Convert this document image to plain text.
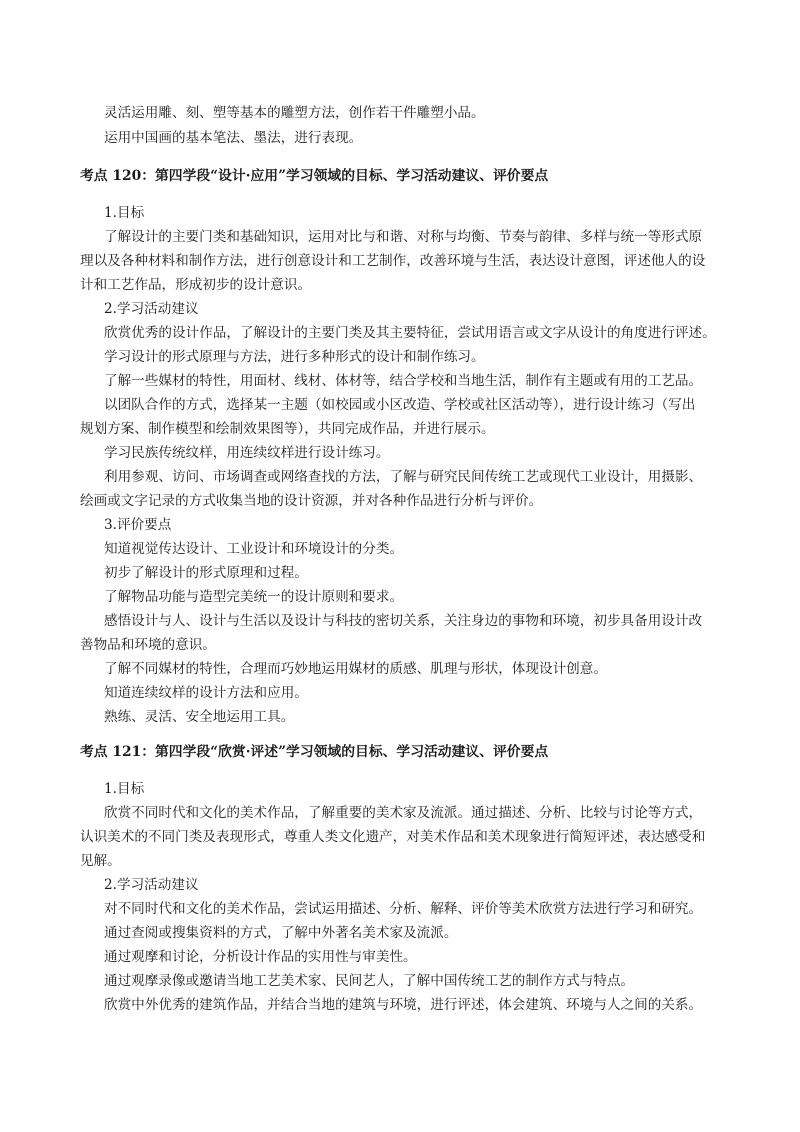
灵活运用雕、刻、塑等基本的雕塑方法，创作若干件雕塑小品。
运用中国画的基本笔法、墨法，进行表现。
考点 120：第四学段“设计·应用”学习领域的目标、学习活动建议、评价要点
1.目标
了解设计的主要门类和基础知识，运用对比与和谐、对称与均衡、节奏与韵律、多样与统一等形式原
理以及各种材料和制作方法，进行创意设计和工艺制作，改善环境与生活，表达设计意图，评述他人的设
计和工艺作品，形成初步的设计意识。
2.学习活动建议
欣赏优秀的设计作品，了解设计的主要门类及其主要特征，尝试用语言或文字从设计的角度进行评述。
学习设计的形式原理与方法，进行多种形式的设计和制作练习。
了解一些媒材的特性，用面材、线材、体材等，结合学校和当地生活，制作有主题或有用的工艺品。
以团队合作的方式，选择某一主题（如校园或小区改造、学校或社区活动等），进行设计练习（写出
规划方案、制作模型和绘制效果图等），共同完成作品，并进行展示。
学习民族传统纹样，用连续纹样进行设计练习。
利用参观、访问、市场调查或网络查找的方法，了解与研究民间传统工艺或现代工业设计，用摄影、
绘画或文字记录的方式收集当地的设计资源，并对各种作品进行分析与评价。
3.评价要点
知道视觉传达设计、工业设计和环境设计的分类。
初步了解设计的形式原理和过程。
了解物品功能与造型完美统一的设计原则和要求。
感悟设计与人、设计与生活以及设计与科技的密切关系，关注身边的事物和环境，初步具备用设计改
善物品和环境的意识。
了解不同媒材的特性，合理而巧妙地运用媒材的质感、肌理与形状，体现设计创意。
知道连续纹样的设计方法和应用。
熟练、灵活、安全地运用工具。
考点 121：第四学段“欣赏·评述”学习领域的目标、学习活动建议、评价要点
1.目标
欣赏不同时代和文化的美术作品，了解重要的美术家及流派。通过描述、分析、比较与讨论等方式，
认识美术的不同门类及表现形式，尊重人类文化遗产，对美术作品和美术现象进行简短评述，表达感受和
见解。
2.学习活动建议
对不同时代和文化的美术作品，尝试运用描述、分析、解释、评价等美术欣赏方法进行学习和研究。
通过查阅或搜集资料的方式，了解中外著名美术家及流派。
通过观摩和讨论，分析设计作品的实用性与审美性。
通过观摩录像或邀请当地工艺美术家、民间艺人，了解中国传统工艺的制作方式与特点。
欣赏中外优秀的建筑作品，并结合当地的建筑与环境，进行评述，体会建筑、环境与人之间的关系。
